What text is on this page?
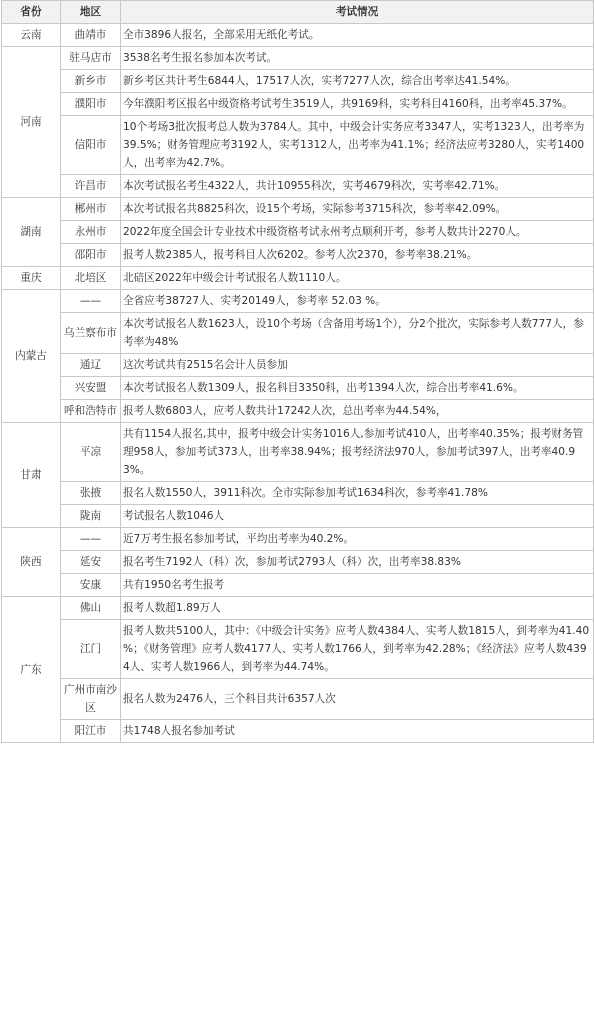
省份	地区	考试情况
云南	曲靖市	全市3896人报名，全部采用无纸化考试。
河南	驻马店市	3538名考生报名参加本次考试。
	新乡市	新乡考区共计考生6844人，17517人次，实考7277人次，综合出考率达41.54%。
	濮阳市	今年濮阳考区报名中级资格考试考生3519人，共9169科，实考科目4160科，出考率45.37%。
	信阳市	10个考场3批次报考总人数为3784人。其中，中级会计实务应考3347人，实考1323人，出考率为39.5%；财务管理应考3192人，实考1312人，出考率为41.1%；经济法应考3280人，实考1400人，出考率为42.7%。
	许昌市	本次考试报名考生4322人，共计10955科次，实考4679科次，实考率42.71%。
湖南	郴州市	本次考试报名共8825科次，设15个考场，实际参考3715科次，参考率42.09%。
	永州市	2022年度全国会计专业技术中级资格考试永州考点顺利开考，参考人数共计2270人。
	邵阳市	报考人数2385人，报考科目人次6202。参考人次2370，参考率38.21%。
重庆	北培区	北碚区2022年中级会计考试报名人数1110人。
内蒙古	——	全省应考38727人、实考20149人，参考率 52.03 %。
	乌兰察布市	本次考试报名人数1623人，设10个考场（含备用考场1个），分2个批次，实际参考人数777人，参考率为48%
	通辽	这次考试共有2515名会计人员参加
	兴安盟	本次考试报名人数1309人，报名科目3350科，出考1394人次，综合出考率41.6%。
	呼和浩特市	报考人数6803人，应考人数共计17242人次，总出考率为44.54%，
甘肃	平凉	共有1154人报名,其中，报考中级会计实务1016人,参加考试410人，出考率40.35%；报考财务管理958人，参加考试373人，出考率38.94%；报考经济法970人，参加考试397人，出考率40.93%。
	张掖	报名人数1550人，3911科次。全市实际参加考试1634科次，参考率41.78%
	陇南	考试报名人数1046人
陕西	——	近7万考生报名参加考试，平均出考率为40.2%。
	延安	报名考生7192人（科）次，参加考试2793人（科）次，出考率38.83%
	安康	共有1950名考生报考
广东	佛山	报考人数超1.89万人
	江门	报考人数共5100人，其中：《中级会计实务》应考人数4384人、实考人数1815人，到考率为41.40 %；《财务管理》应考人数4177人、实考人数1766人，到考率为42.28%；《经济法》应考人数4394人、实考人数1966人，到考率为44.74%。
	广州市南沙区	报名人数为2476人，三个科目共计6357人次
	阳江市	共1748人报名参加考试
